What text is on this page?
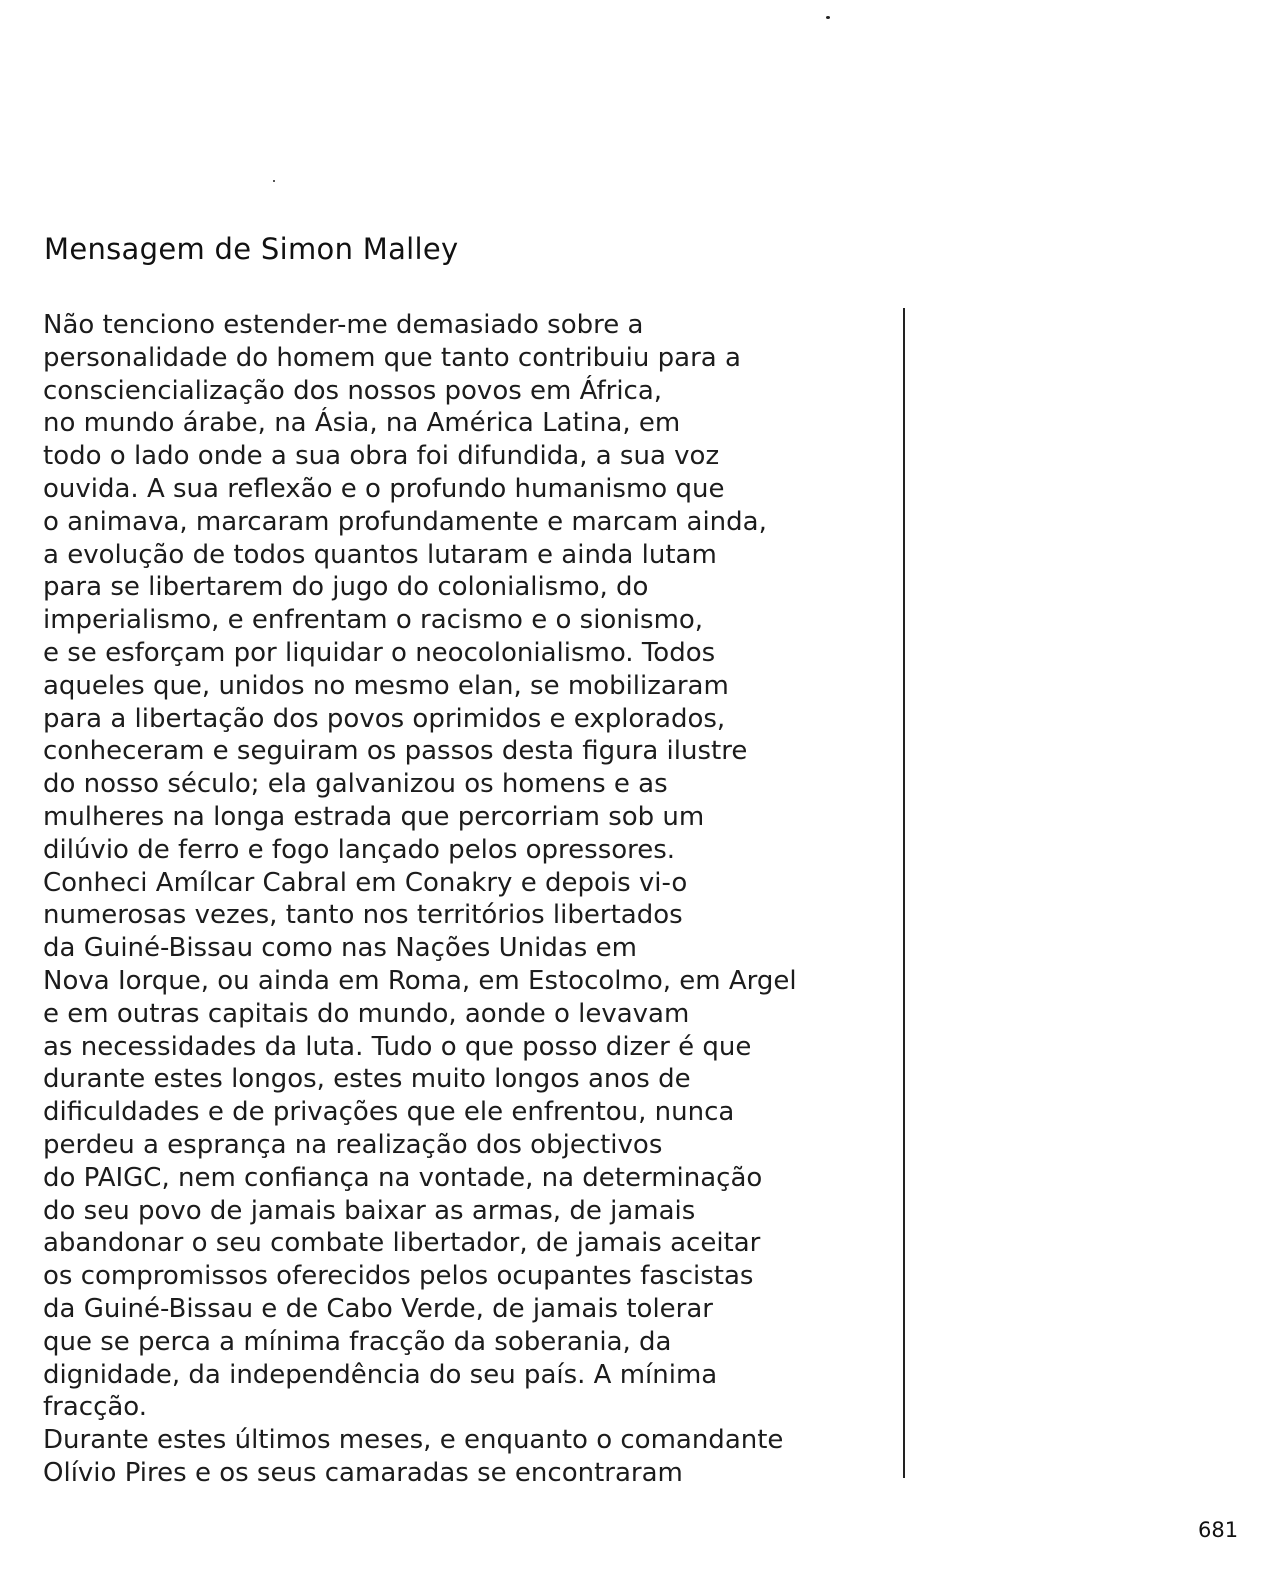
Mensagem de Simon Malley
Não tenciono estender-me demasiado sobre a
personalidade do homem que tanto contribuiu para a
consciencialização dos nossos povos em África,
no mundo árabe, na Ásia, na América Latina, em
todo o lado onde a sua obra foi difundida, a sua voz
ouvida. A sua reflexão e o profundo humanismo que
o animava, marcaram profundamente e marcam ainda,
a evolução de todos quantos lutaram e ainda lutam
para se libertarem do jugo do colonialismo, do
imperialismo, e enfrentam o racismo e o sionismo,
e se esforçam por liquidar o neocolonialismo. Todos
aqueles que, unidos no mesmo elan, se mobilizaram
para a libertação dos povos oprimidos e explorados,
conheceram e seguiram os passos desta figura ilustre
do nosso século; ela galvanizou os homens e as
mulheres na longa estrada que percorriam sob um
dilúvio de ferro e fogo lançado pelos opressores.
Conheci Amílcar Cabral em Conakry e depois vi-o
numerosas vezes, tanto nos territórios libertados
da Guiné-Bissau como nas Nações Unidas em
Nova Iorque, ou ainda em Roma, em Estocolmo, em Argel
e em outras capitais do mundo, aonde o levavam
as necessidades da luta. Tudo o que posso dizer é que
durante estes longos, estes muito longos anos de
dificuldades e de privações que ele enfrentou, nunca
perdeu a esprança na realização dos objectivos
do PAIGC, nem confiança na vontade, na determinação
do seu povo de jamais baixar as armas, de jamais
abandonar o seu combate libertador, de jamais aceitar
os compromissos oferecidos pelos ocupantes fascistas
da Guiné-Bissau e de Cabo Verde, de jamais tolerar
que se perca a mínima fracção da soberania, da
dignidade, da independência do seu país. A mínima
fracção.
Durante estes últimos meses, e enquanto o comandante
Olívio Pires e os seus camaradas se encontraram
681
